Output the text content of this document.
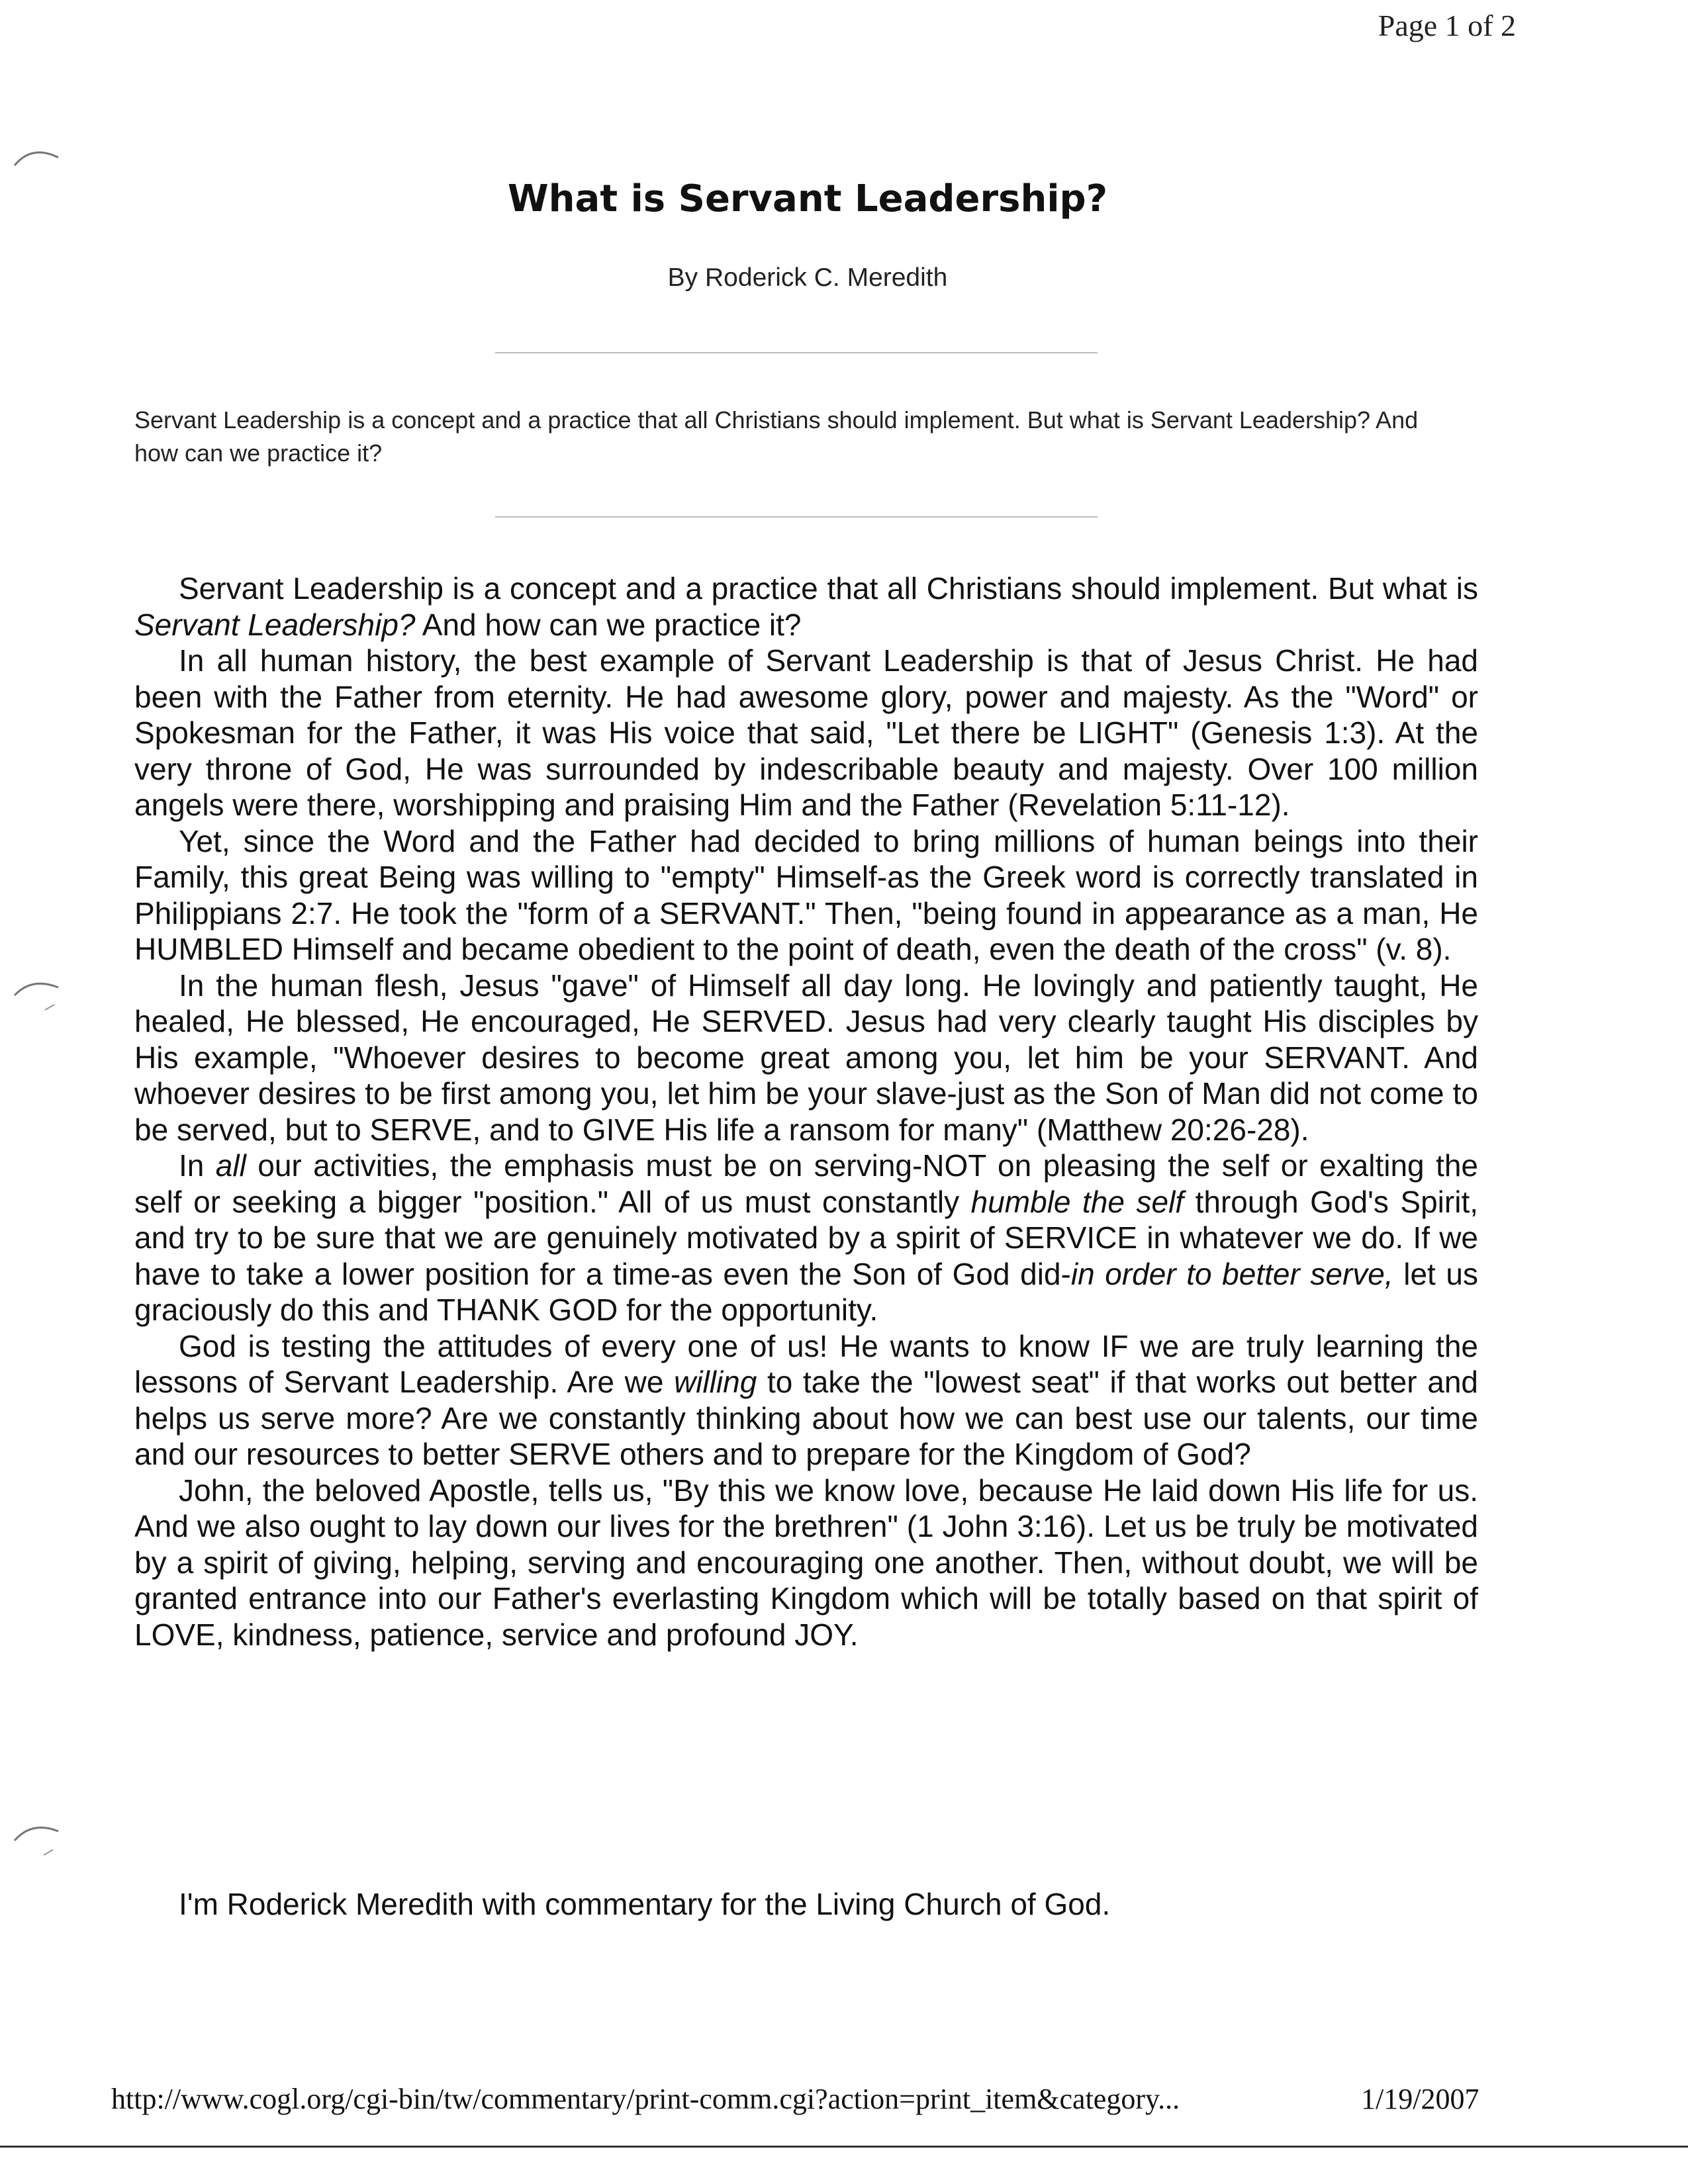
Page 1 of 2
What is Servant Leadership?
By Roderick C. Meredith
Servant Leadership is a concept and a practice that all Christians should implement. But what is Servant Leadership? And how can we practice it?

Servant Leadership is a concept and a practice that all Christians should implement. But what is Servant Leadership? And how can we practice it?

In all human history, the best example of Servant Leadership is that of Jesus Christ. He had been with the Father from eternity. He had awesome glory, power and majesty. As the "Word" or Spokesman for the Father, it was His voice that said, "Let there be LIGHT" (Genesis 1:3). At the very throne of God, He was surrounded by indescribable beauty and majesty. Over 100 million angels were there, worshipping and praising Him and the Father (Revelation 5:11-12).

Yet, since the Word and the Father had decided to bring millions of human beings into their Family, this great Being was willing to "empty" Himself-as the Greek word is correctly translated in Philippians 2:7. He took the "form of a SERVANT." Then, "being found in appearance as a man, He HUMBLED Himself and became obedient to the point of death, even the death of the cross" (v. 8).

In the human flesh, Jesus "gave" of Himself all day long. He lovingly and patiently taught, He healed, He blessed, He encouraged, He SERVED. Jesus had very clearly taught His disciples by His example, "Whoever desires to become great among you, let him be your SERVANT. And whoever desires to be first among you, let him be your slave-just as the Son of Man did not come to be served, but to SERVE, and to GIVE His life a ransom for many" (Matthew 20:26-28).

In all our activities, the emphasis must be on serving-NOT on pleasing the self or exalting the self or seeking a bigger "position." All of us must constantly humble the self through God's Spirit, and try to be sure that we are genuinely motivated by a spirit of SERVICE in whatever we do. If we have to take a lower position for a time-as even the Son of God did-in order to better serve, let us graciously do this and THANK GOD for the opportunity.

God is testing the attitudes of every one of us! He wants to know IF we are truly learning the lessons of Servant Leadership. Are we willing to take the "lowest seat" if that works out better and helps us serve more? Are we constantly thinking about how we can best use our talents, our time and our resources to better SERVE others and to prepare for the Kingdom of God?

John, the beloved Apostle, tells us, "By this we know love, because He laid down His life for us. And we also ought to lay down our lives for the brethren" (1 John 3:16). Let us be truly be motivated by a spirit of giving, helping, serving and encouraging one another. Then, without doubt, we will be granted entrance into our Father's everlasting Kingdom which will be totally based on that spirit of LOVE, kindness, patience, service and profound JOY.

I'm Roderick Meredith with commentary for the Living Church of God.
http://www.cogl.org/cgi-bin/tw/commentary/print-comm.cgi?action=print_item&category...	1/19/2007
